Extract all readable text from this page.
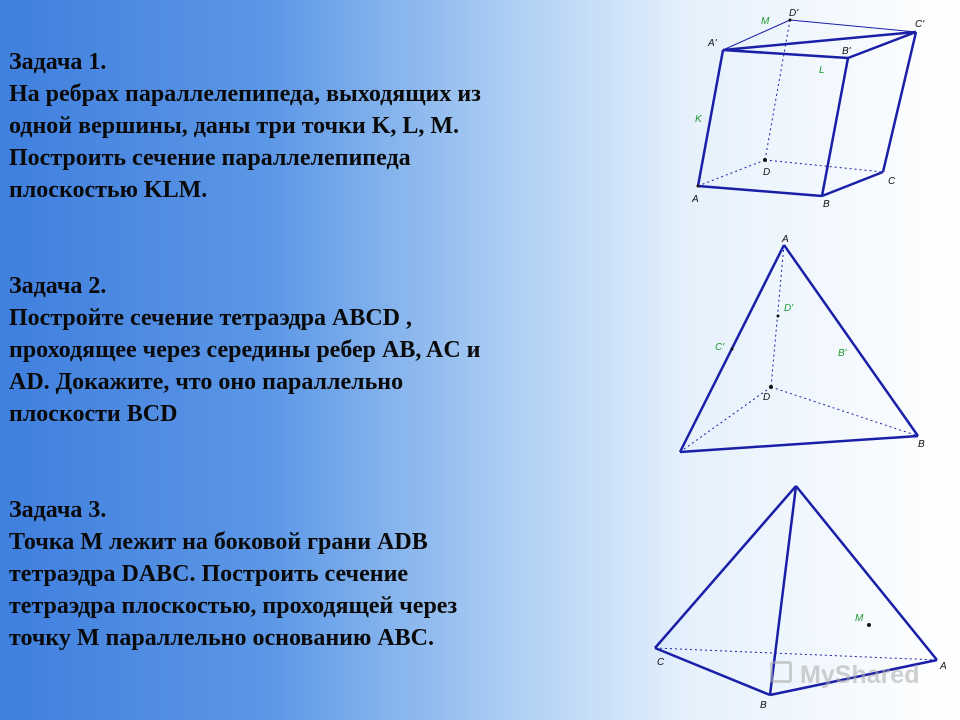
Задача 1.

На ребрах параллелепипеда, выходящих из

одной вершины, даны три точки K, L, M.

Построить сечение параллелепипеда

плоскостью KLM.

Задача 2.

Постройте сечение тетраэдра ABCD ,

проходящее через середины ребер AB, AC и

AD. Докажите, что оно параллельно

плоскости BCD

Задача 3.

Точка М лежит на боковой грани ADB

тетраэдра DABC. Построить сечение

тетраэдра плоскостью, проходящей через

точку М параллельно основанию ABC.

M
D'
C'
A'
B'
L
K
D
C
A	B
A
D'
C'
B'
D
B
M
C	A
B
MyShared
